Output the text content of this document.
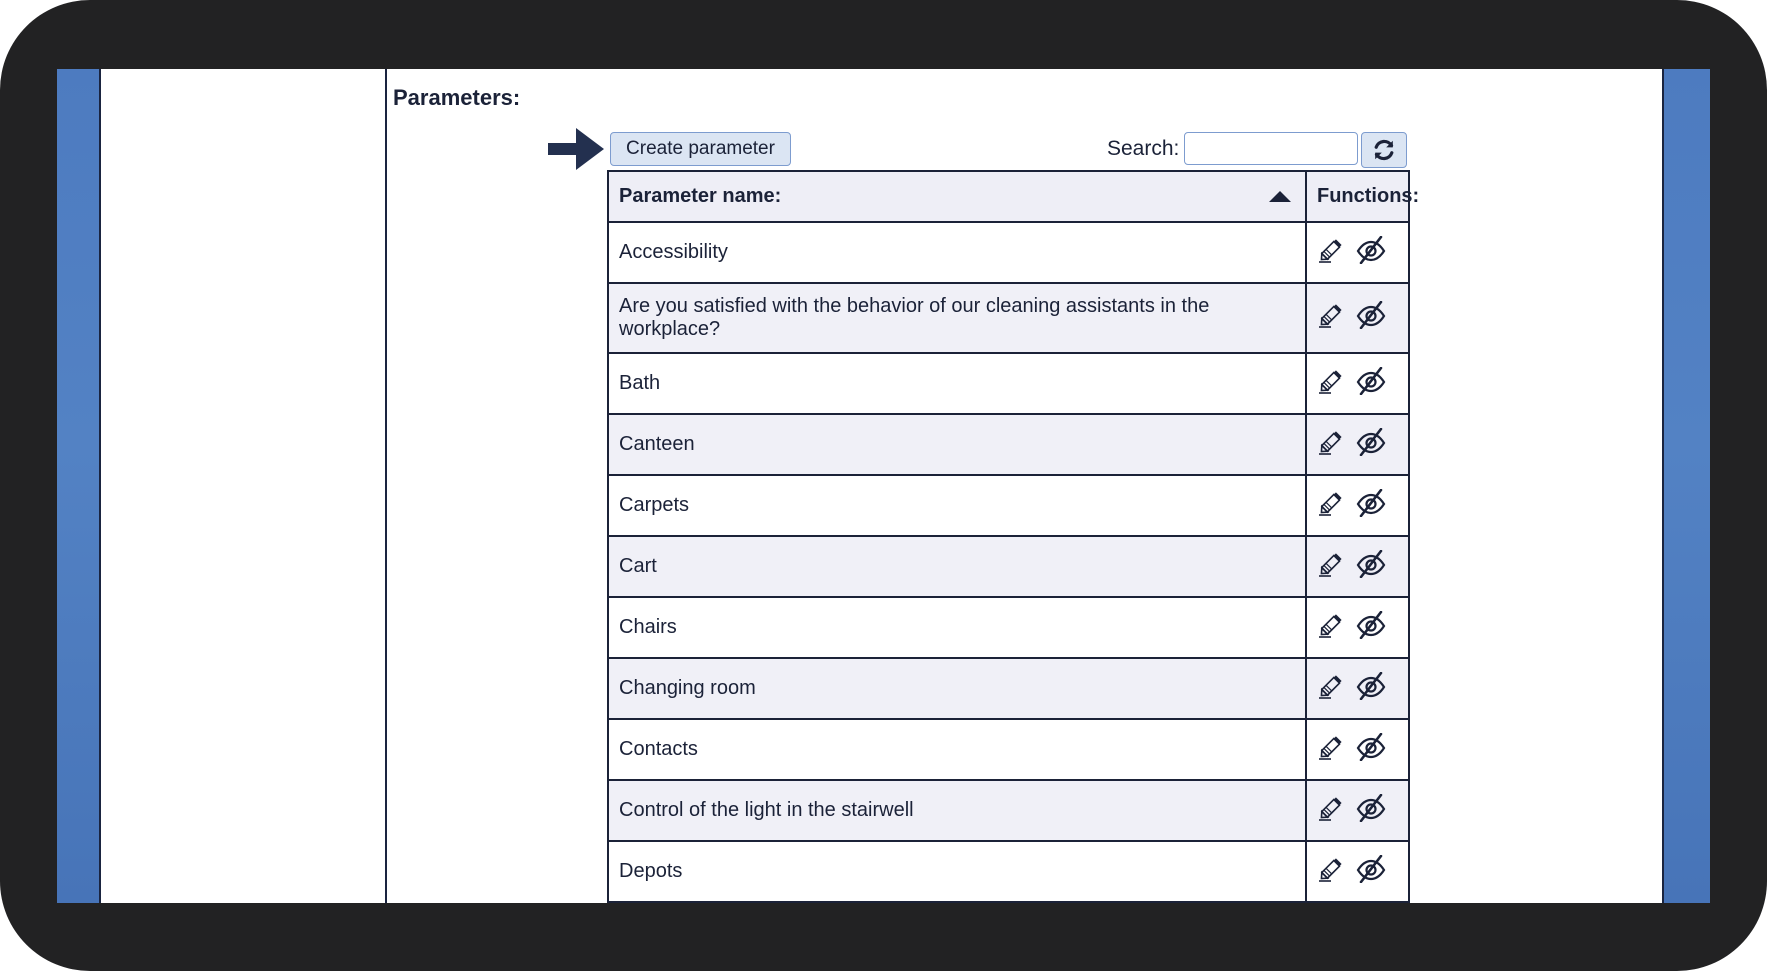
Parameters:
Create parameter	Search:
Parameter name:	Functions:
Accessibility	

Are you satisfied with the behavior of our cleaning assistants in the workplace?	

Bath	

Canteen	

Carpets	

Cart	

Chairs	

Changing room	

Contacts	

Control of the light in the stairwell	

Depots	
